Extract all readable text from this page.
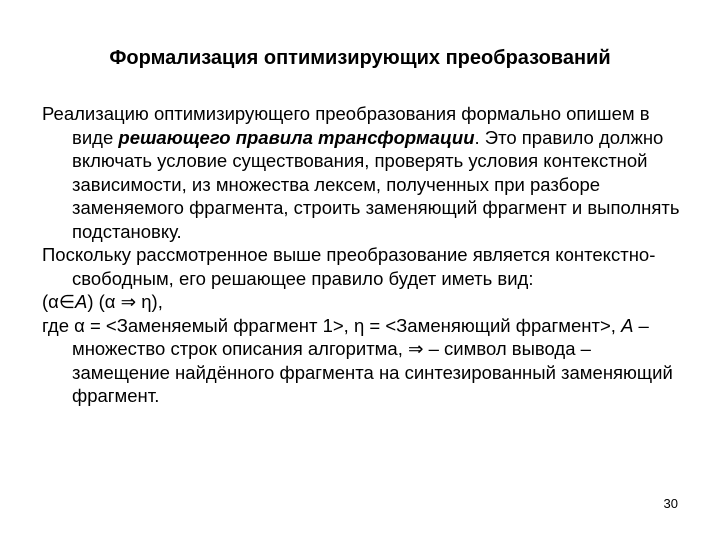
Формализация оптимизирующих преобразований

Реализацию оптимизирующего преобразования формально опишем в виде решающего правила трансформации. Это правило должно включать условие существования, проверять условия контекстной зависимости, из множества лексем, полученных при разборе заменяемого фрагмента, строить заменяющий фрагмент и выполнять подстановку.

Поскольку рассмотренное выше преобразование является контекстно-свободным, его решающее правило будет иметь вид:

(α∈A) (α ⇒ η),

где α = <Заменяемый фрагмент 1>, η = <Заменяющий фрагмент>, A – множество строк описания алгоритма, ⇒ – символ вывода – замещение найдённого фрагмента на синтезированный заменяющий фрагмент.

30
